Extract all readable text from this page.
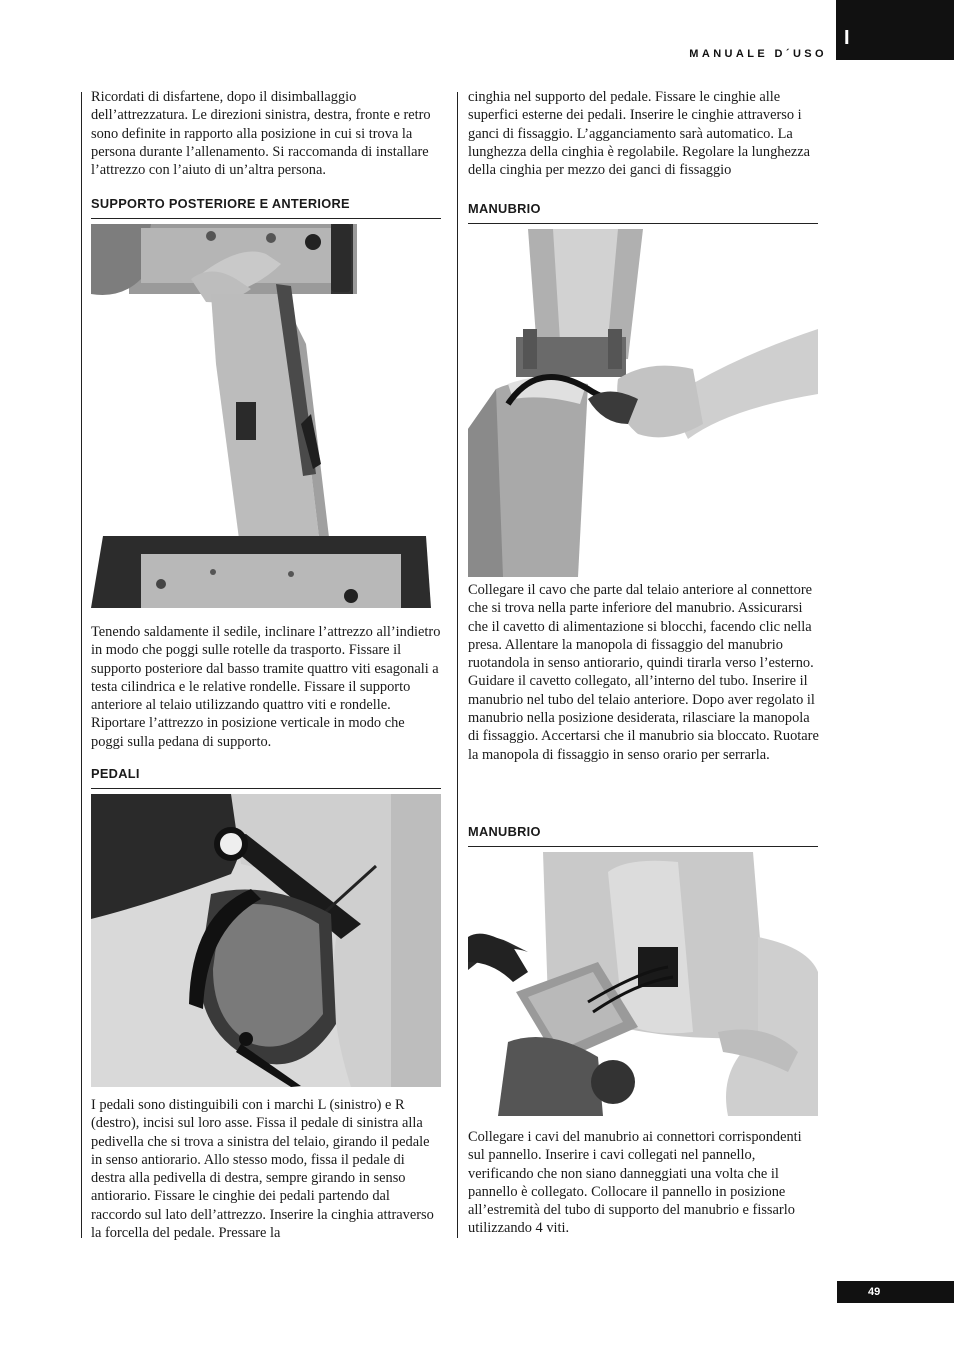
I
MANUALE D´USO

Ricordati di disfartene, dopo il disimballaggio dell’attrezzatura. Le direzioni sinistra, destra, fronte e retro sono definite in rapporto alla posizione in cui si trova la persona durante l’allenamento. Si raccomanda di installare l’attrezzo con l’aiuto di un’altra persona.

SUPPORTO POSTERIORE E ANTERIORE

Tenendo saldamente il sedile, inclinare l’attrezzo all’indietro in modo che poggi sulle rotelle da trasporto. Fissare il supporto posteriore dal basso tramite quattro viti esagonali a testa cilindrica e le relative rondelle. Fissare il supporto anteriore al telaio utilizzando quattro viti e rondelle. Riportare l’attrezzo in posizione verticale in modo che poggi sulla pedana di supporto.

PEDALI

I pedali sono distinguibili con i marchi L (sinistro) e R (destro), incisi sul loro asse. Fissa il pedale di sinistra alla pedivella che si trova a sinistra del telaio, girando il pedale in senso antiorario. Allo stesso modo, fissa il pedale di destra alla pedivella di destra, sempre girando in senso antiorario. Fissare le cinghie dei pedali partendo dal raccordo sul lato dell’attrezzo. Inserire la cinghia attraverso la forcella del pedale. Pressare la

cinghia nel supporto del pedale. Fissare le cinghie alle superfici esterne dei pedali. Inserire le cinghie attraverso i ganci di fissaggio. L’agganciamento sarà automatico. La lunghezza della cinghia è regolabile. Regolare la lunghezza della cinghia per mezzo dei ganci di fissaggio

MANUBRIO

Collegare il cavo che parte dal telaio anteriore al connettore che si trova nella parte inferiore del manubrio. Assicurarsi che il cavetto di alimentazione si blocchi, facendo clic nella presa. Allentare la manopola di fissaggio del manubrio ruotandola in senso antiorario, quindi tirarla verso l’esterno. Guidare il cavetto collegato, all’interno del tubo. Inserire il manubrio nel tubo del telaio anteriore. Dopo aver regolato il manubrio nella posizione desiderata, rilasciare la manopola di fissaggio. Accertarsi che il manubrio sia bloccato. Ruotare la manopola di fissaggio in senso orario per serrarla.

MANUBRIO

Collegare i cavi del manubrio ai connettori corrispondenti sul pannello. Inserire i cavi collegati nel pannello, verificando che non siano danneggiati una volta che il pannello è collegato. Collocare il pannello in posizione all’estremità del tubo di supporto del manubrio e fissarlo utilizzando 4 viti.

49
